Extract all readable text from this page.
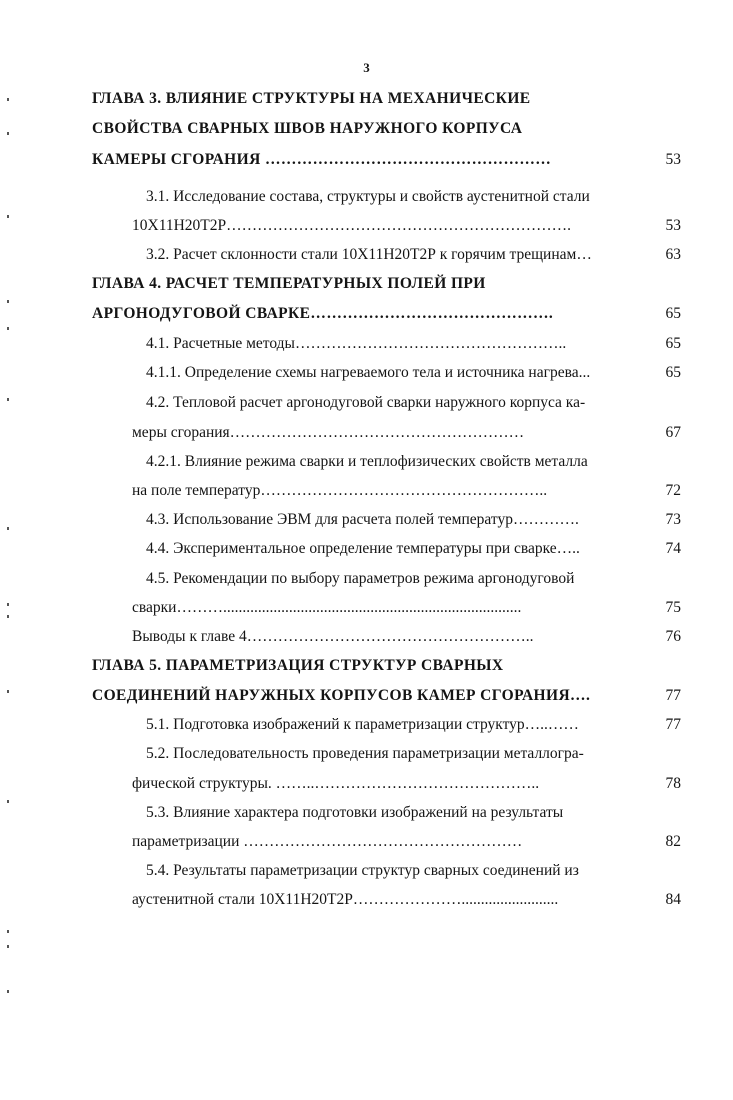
3
ГЛАВА 3. ВЛИЯНИЕ СТРУКТУРЫ НА МЕХАНИЧЕСКИЕ
СВОЙСТВА СВАРНЫХ ШВОВ НАРУЖНОГО КОРПУСА
КАМЕРЫ СГОРАНИЯ ………………………………………………	53
3.1. Исследование состава, структуры и свойств аустенитной стали
10Х11Н20Т2Р………………………………………………………….	53
3.2. Расчет склонности стали 10Х11Н20Т2Р к горячим трещинам…	63
ГЛАВА 4. РАСЧЕТ ТЕМПЕРАТУРНЫХ ПОЛЕЙ ПРИ
АРГОНОДУГОВОЙ СВАРКЕ……………………………………….	65
4.1. Расчетные методы……………………………………………..	65
4.1.1. Определение схемы нагреваемого тела и источника нагрева...	65
4.2. Тепловой расчет аргонодуговой сварки наружного корпуса ка-
меры сгорания…………………………………………………	67
4.2.1. Влияние режима сварки и теплофизических свойств металла
на поле температур………………………………………………..	72
4.3. Использование ЭВМ для расчета полей температур………….	73
4.4. Экспериментальное определение температуры при сварке…..	74
4.5. Рекомендации по выбору параметров режима аргонодуговой
сварки……….............................................................................	75
Выводы к главе 4………………………………………………..	76
ГЛАВА 5. ПАРАМЕТРИЗАЦИЯ СТРУКТУР СВАРНЫХ
СОЕДИНЕНИЙ НАРУЖНЫХ КОРПУСОВ КАМЕР СГОРАНИЯ….	77
5.1. Подготовка изображений к параметризации структур…..……	77
5.2. Последовательность проведения параметризации металлогра-
фической структуры. ……..……………………………………..	78
5.3. Влияние характера подготовки изображений на результаты
параметризации ………………………………………………	82
5.4. Результаты параметризации структур сварных соединений из
аустенитной стали 10Х11Н20Т2Р………………….........................	84
